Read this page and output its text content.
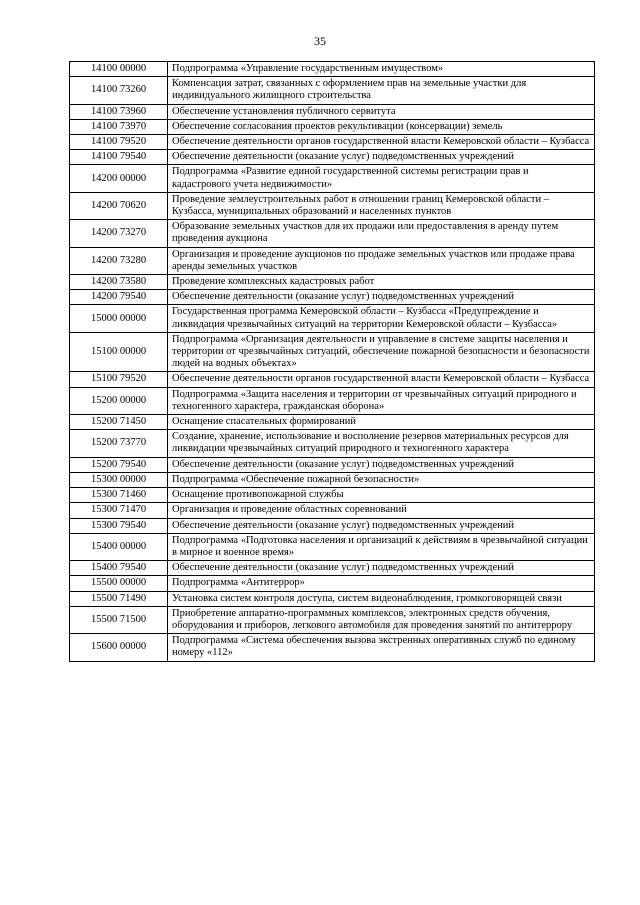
35
14100 00000	Подпрограмма «Управление государственным имуществом»
14100 73260	Компенсация затрат, связанных с оформлением прав на земельные участки для индивидуального жилищного строительства
14100 73960	Обеспечение установления публичного сервитута
14100 73970	Обеспечение согласования проектов рекультивации (консервации) земель
14100 79520	Обеспечение деятельности органов государственной власти Кемеровской области – Кузбасса
14100 79540	Обеспечение деятельности (оказание услуг) подведомственных учреждений
14200 00000	Подпрограмма «Развитие единой государственной системы регистрации прав и кадастрового учета недвижимости»
14200 70620	Проведение землеустроительных работ в отношении границ Кемеровской области – Кузбасса, муниципальных образований и населенных пунктов
14200 73270	Образование земельных участков для их продажи или предоставления в аренду путем проведения аукциона
14200 73280	Организация и проведение аукционов по продаже земельных участков или продаже права аренды земельных участков
14200 73580	Проведение комплексных кадастровых работ
14200 79540	Обеспечение деятельности (оказание услуг) подведомственных учреждений
15000 00000	Государственная программа Кемеровской области – Кузбасса «Предупреждение и ликвидация чрезвычайных ситуаций на территории Кемеровской области – Кузбасса»
15100 00000	Подпрограмма «Организация деятельности и управление в системе защиты населения и территории от чрезвычайных ситуаций, обеспечение пожарной безопасности и безопасности людей на водных объектах»
15100 79520	Обеспечение деятельности органов государственной власти Кемеровской области – Кузбасса
15200 00000	Подпрограмма «Защита населения и территории от чрезвычайных ситуаций природного и техногенного характера, гражданская оборона»
15200 71450	Оснащение спасательных формирований
15200 73770	Создание, хранение, использование и восполнение резервов материальных ресурсов для ликвидации чрезвычайных ситуаций природного и техногенного характера
15200 79540	Обеспечение деятельности (оказание услуг) подведомственных учреждений
15300 00000	Подпрограмма «Обеспечение пожарной безопасности»
15300 71460	Оснащение противопожарной службы
15300 71470	Организация и проведение областных соревнований
15300 79540	Обеспечение деятельности (оказание услуг) подведомственных учреждений
15400 00000	Подпрограмма «Подготовка населения и организаций к действиям в чрезвычайной ситуации в мирное и военное время»
15400 79540	Обеспечение деятельности (оказание услуг) подведомственных учреждений
15500 00000	Подпрограмма «Антитеррор»
15500 71490	Установка систем контроля доступа, систем видеонаблюдения, громкоговорящей связи
15500 71500	Приобретение аппаратно-программных комплексов, электронных средств обучения, оборудования и приборов, легкового автомобиля для проведения занятий по антитеррору
15600 00000	Подпрограмма «Система обеспечения вызова экстренных оперативных служб по единому номеру «112»
